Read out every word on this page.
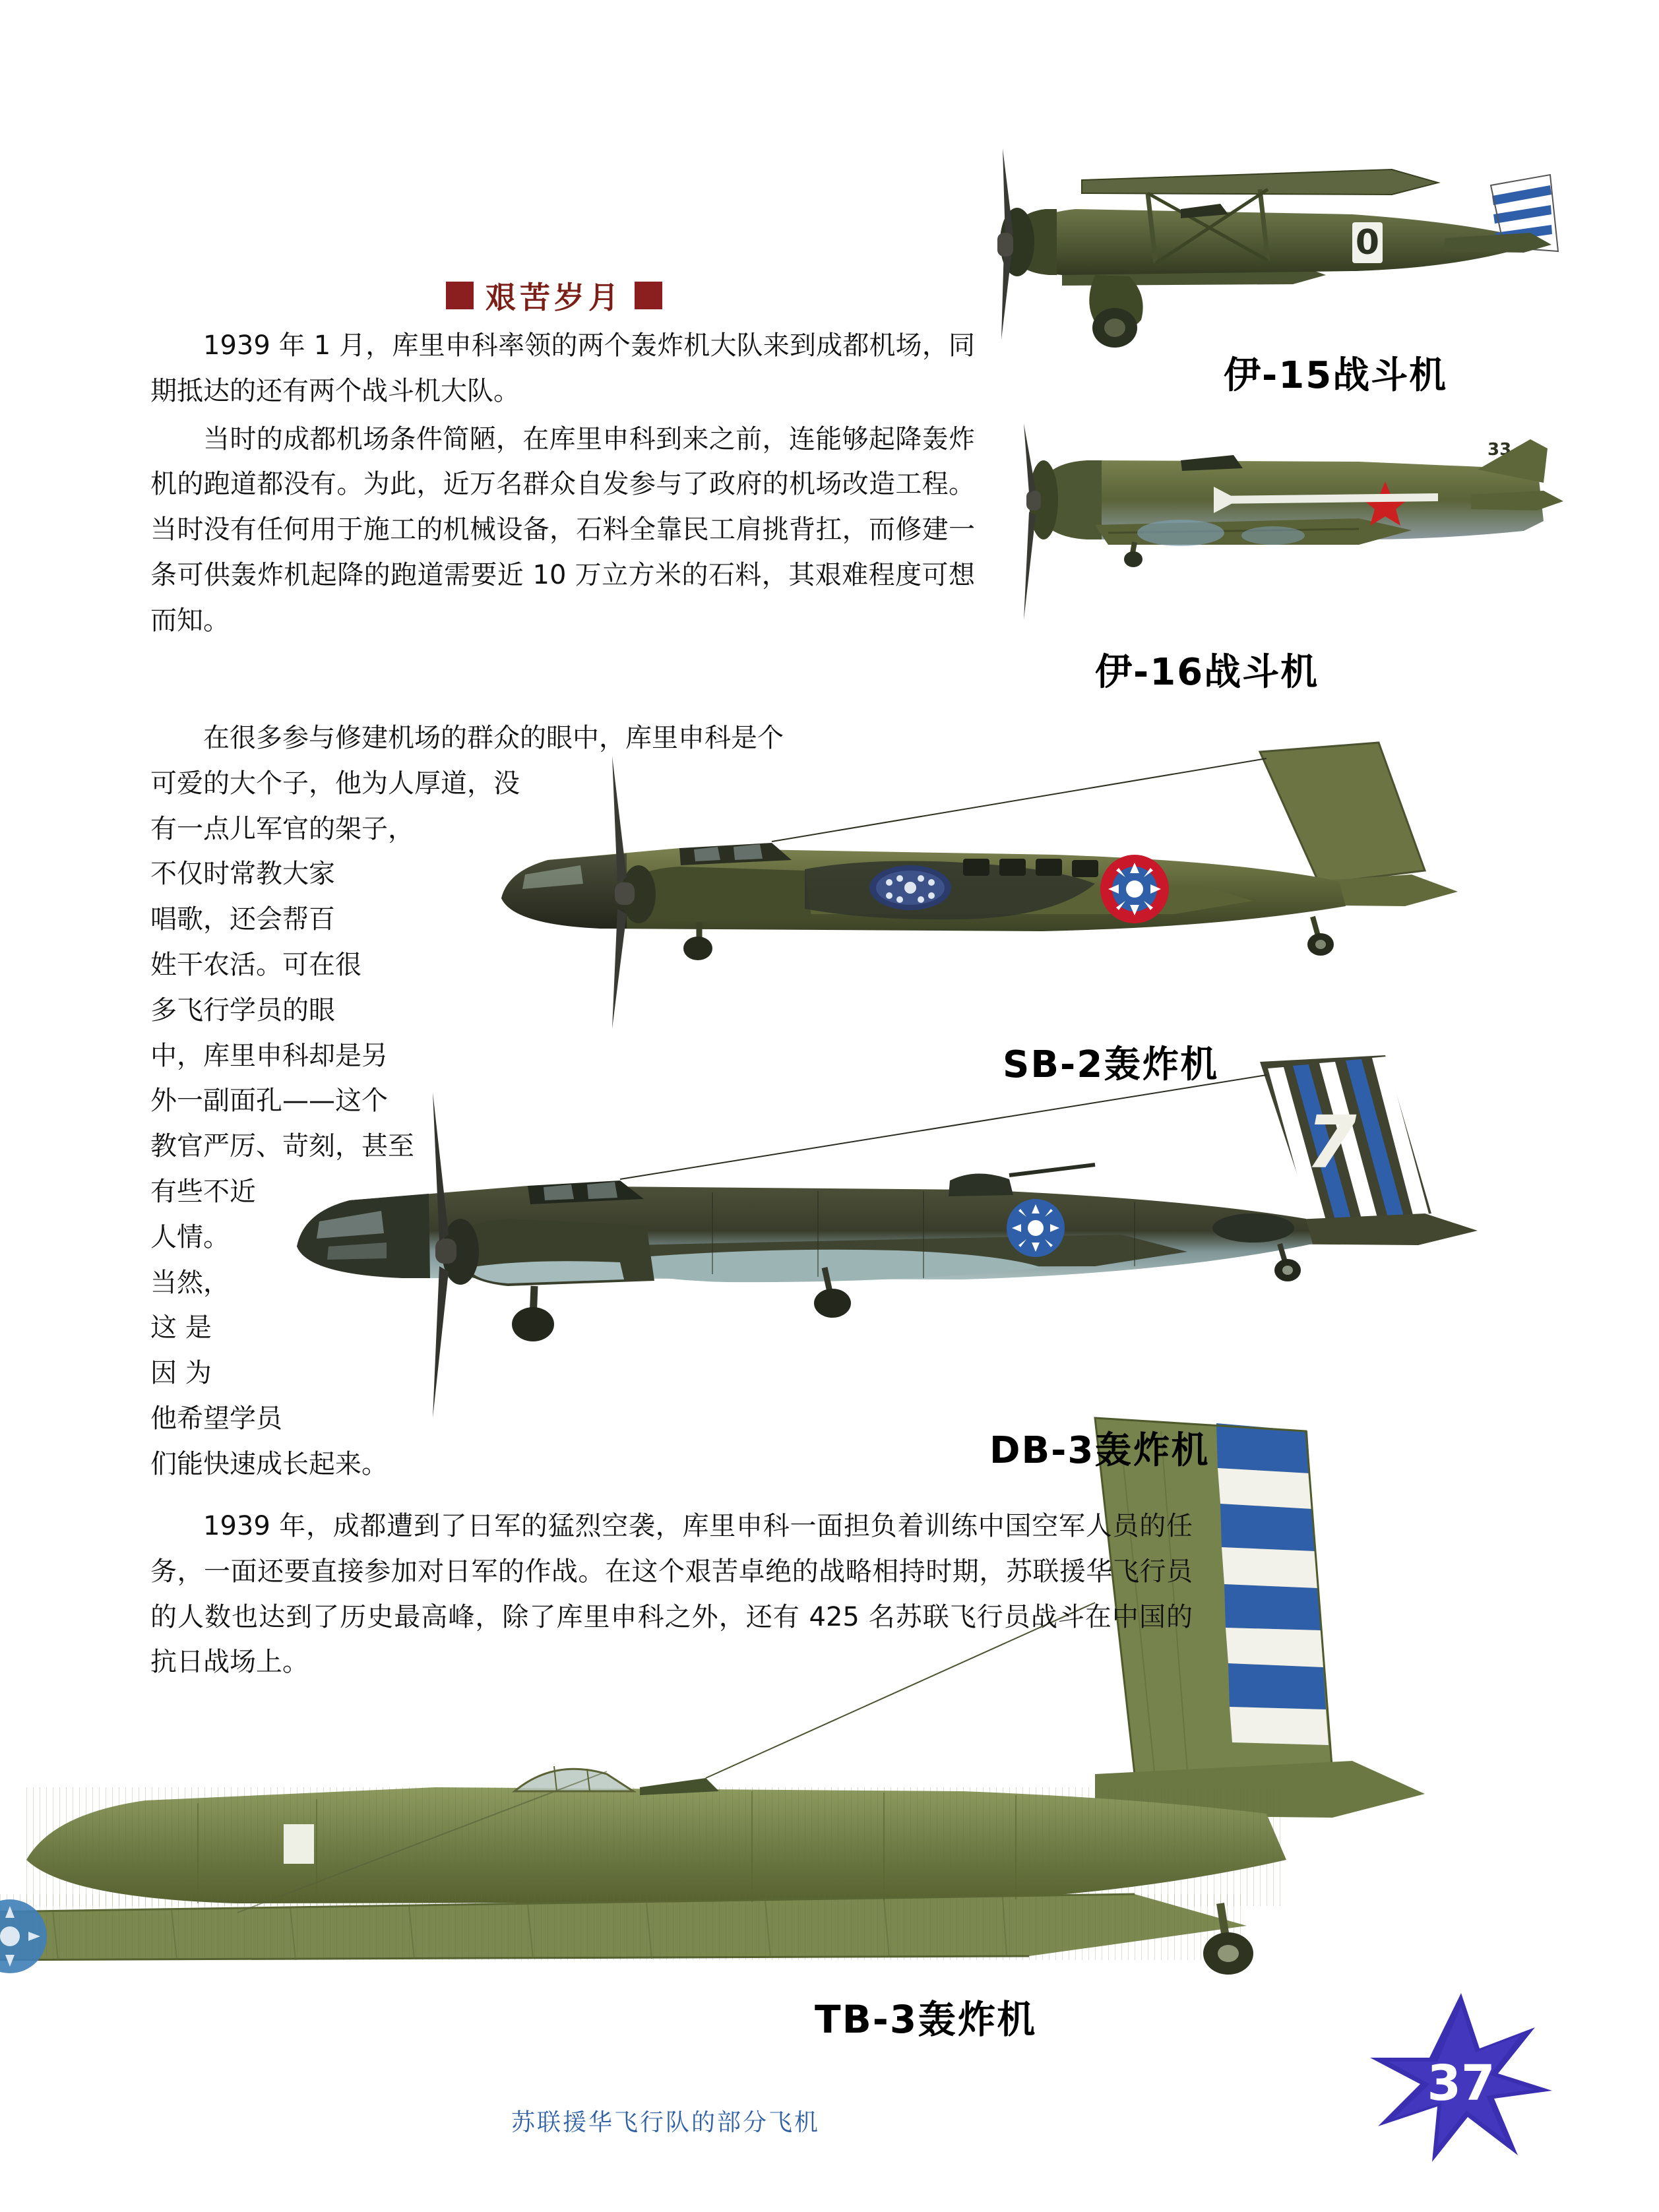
0
33
7
艰苦岁月

1939 年 1 月，库里申科率领的两个轰炸机大队来到成都机场，同期抵达的还有两个战斗机大队。

当时的成都机场条件简陋，在库里申科到来之前，连能够起降轰炸机的跑道都没有。为此，近万名群众自发参与了政府的机场改造工程。当时没有任何用于施工的机械设备，石料全靠民工肩挑背扛，而修建一条可供轰炸机起降的跑道需要近 10 万立方米的石料，其艰难程度可想而知。

在很多参与修建机场的群众的眼中，库里申科是个
可爱的大个子，他为人厚道，没
有一点儿军官的架子，
不仅时常教大家
唱歌，还会帮百
姓干农活。可在很
多飞行学员的眼
中，库里申科却是另
外一副面孔——这个
教官严厉、苛刻，甚至
有些不近
人情。
当然，
这 是
因 为
他希望学员
们能快速成长起来。

1939 年，成都遭到了日军的猛烈空袭，库里申科一面担负着训练中国空军人员的任务，一面还要直接参加对日军的作战。在这个艰苦卓绝的战略相持时期，苏联援华飞行员的人数也达到了历史最高峰，除了库里申科之外，还有 425 名苏联飞行员战斗在中国的抗日战场上。

伊-15战斗机
伊-16战斗机
SB-2轰炸机
DB-3轰炸机
TB-3轰炸机
苏联援华飞行队的部分飞机
37
